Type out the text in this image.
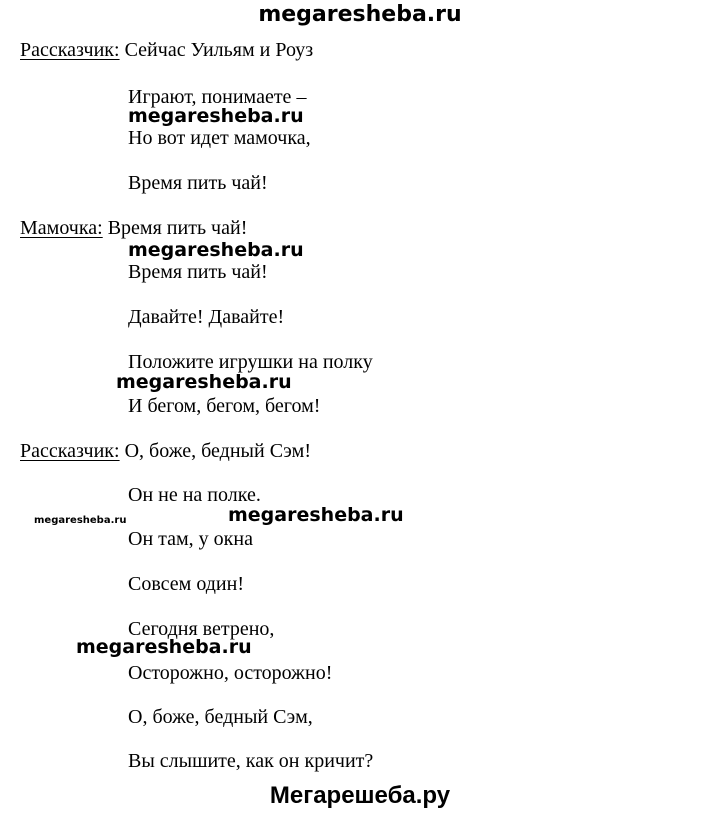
megaresheba.ru
Рассказчик: Сейчас Уильям и Роуз
Играют, понимаете –
megaresheba.ru
Но вот идет мамочка,
Время пить чай!
Мамочка: Время пить чай!
megaresheba.ru
Время пить чай!
Давайте! Давайте!
Положите игрушки на полку
megaresheba.ru
И бегом, бегом, бегом!
Рассказчик: О, боже, бедный Сэм!
Он не на полке.
megaresheba.ru	megaresheba.ru
Он там, у окна
Совсем один!
Сегодня ветрено,
megaresheba.ru
Осторожно, осторожно!
О, боже, бедный Сэм,
Вы слышите, как он кричит?
Мегарешеба.ру
